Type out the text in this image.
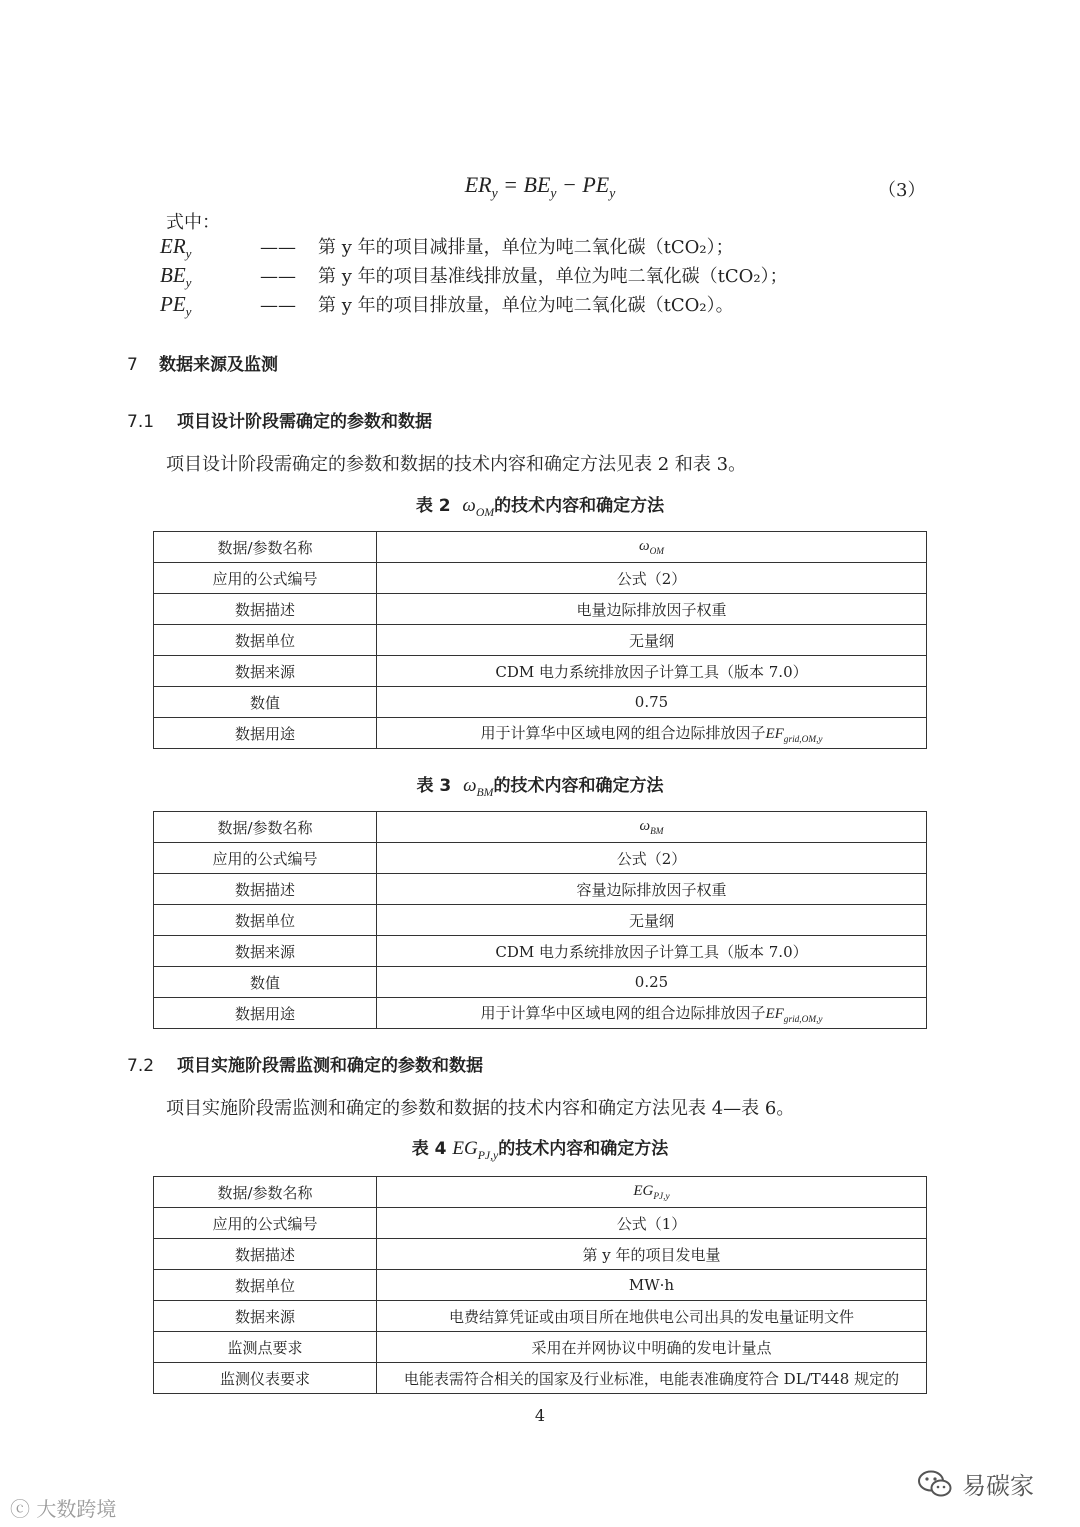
$ER_y = BE_y - PE_y$	（3）
式中：
$ER_y$	—— 第 y 年的项目减排量，单位为吨二氧化碳（tCO₂）；
$BE_y$	—— 第 y 年的项目基准线排放量，单位为吨二氧化碳（tCO₂）；
$PE_y$	—— 第 y 年的项目排放量，单位为吨二氧化碳（tCO₂）。
7 数据来源及监测
7.1 项目设计阶段需确定的参数和数据
项目设计阶段需确定的参数和数据的技术内容和确定方法见表 2 和表 3。
表 2 $\omega_{OM}$的技术内容和确定方法
数据/参数名称	$\omega_{OM}$
应用的公式编号	公式（2）
数据描述	电量边际排放因子权重
数据单位	无量纲
数据来源	CDM 电力系统排放因子计算工具（版本 7.0）
数值	0.75
数据用途	用于计算华中区域电网的组合边际排放因子$EF_{grid,OM,y}$
表 3 $\omega_{BM}$的技术内容和确定方法
数据/参数名称	$\omega_{BM}$
应用的公式编号	公式（2）
数据描述	容量边际排放因子权重
数据单位	无量纲
数据来源	CDM 电力系统排放因子计算工具（版本 7.0）
数值	0.25
数据用途	用于计算华中区域电网的组合边际排放因子$EF_{grid,OM,y}$
7.2 项目实施阶段需监测和确定的参数和数据
项目实施阶段需监测和确定的参数和数据的技术内容和确定方法见表 4—表 6。
表 4 $EG_{PJ,y}$的技术内容和确定方法
数据/参数名称	$EG_{PJ,y}$
应用的公式编号	公式（1）
数据描述	第 y 年的项目发电量
数据单位	MW·h
数据来源	电费结算凭证或由项目所在地供电公司出具的发电量证明文件
监测点要求	采用在并网协议中明确的发电计量点
监测仪表要求	电能表需符合相关的国家及行业标准，电能表准确度符合 DL/T448 规定的
4
ⓒ 大数跨境
易碳家
